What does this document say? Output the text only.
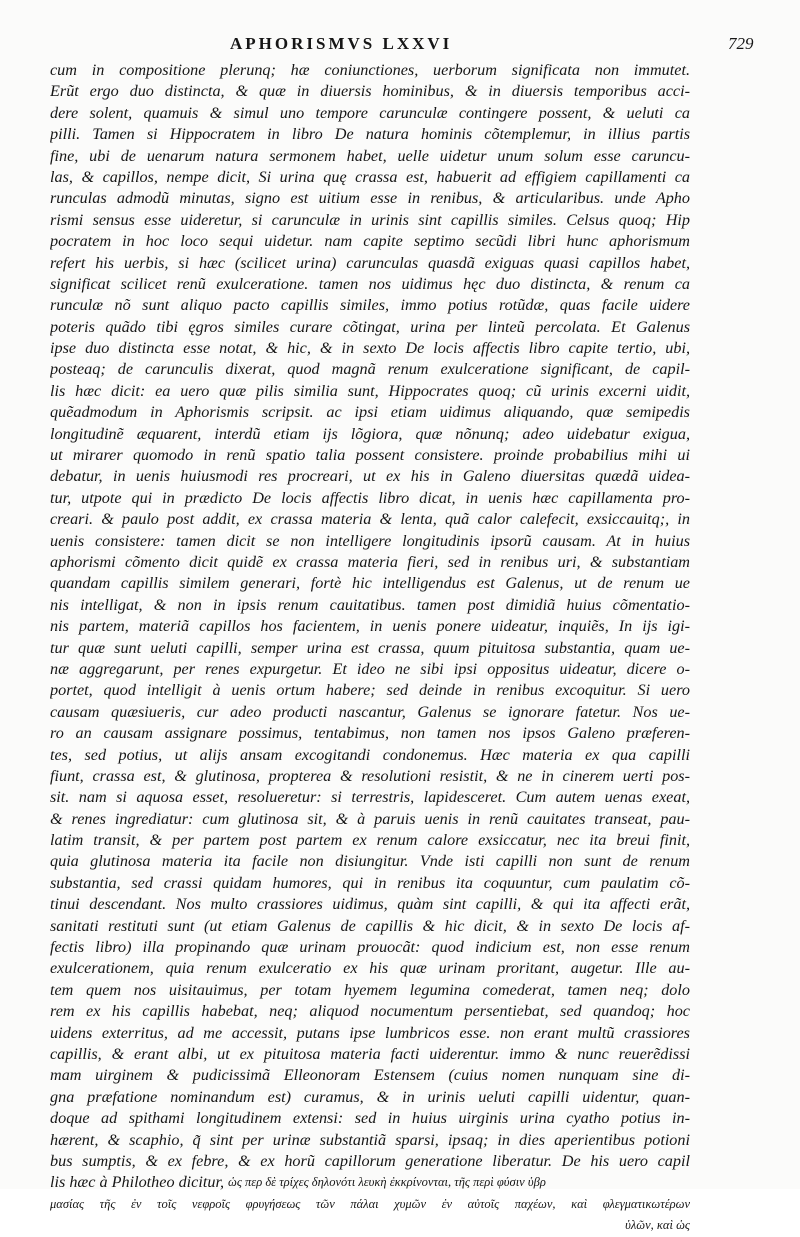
APHORISMVS LXXVI	729
cum in compositione plerunq; hæ coniunctiones, uerborum significata non immutet.
Erũt ergo duo distincta, & quæ in diuersis hominibus, & in diuersis temporibus acci-
dere solent, quamuis & simul uno tempore carunculæ contingere possent, & ueluti ca
pilli. Tamen si Hippocratem in libro De natura hominis cõtemplemur, in illius partis
fine, ubi de uenarum natura sermonem habet, uelle uidetur unum solum esse caruncu-
las, & capillos, nempe dicit, Si urina quę crassa est, habuerit ad effigiem capillamenti ca
runculas admodũ minutas, signo est uitium esse in renibus, & articularibus. unde Apho
rismi sensus esse uideretur, si carunculæ in urinis sint capillis similes. Celsus quoq; Hip
pocratem in hoc loco sequi uidetur. nam capite septimo secũdi libri hunc aphorismum
refert his uerbis, si hæc (scilicet urina) carunculas quasdã exiguas quasi capillos habet,
significat scilicet renũ exulceratione. tamen nos uidimus hęc duo distincta, & renum ca
runculæ nõ sunt aliquo pacto capillis similes, immo potius rotũdæ, quas facile uidere
poteris quãdo tibi ęgros similes curare cõtingat, urina per linteũ percolata. Et Galenus
ipse duo distincta esse notat, & hic, & in sexto De locis affectis libro capite tertio, ubi,
posteaq; de carunculis dixerat, quod magnã renum exulceratione significant, de capil-
lis hæc dicit: ea uero quæ pilis similia sunt, Hippocrates quoq; cũ urinis excerni uidit,
quẽadmodum in Aphorismis scripsit. ac ipsi etiam uidimus aliquando, quæ semipedis
longitudinẽ æquarent, interdũ etiam ijs lõgiora, quæ nõnunq; adeo uidebatur exigua,
ut mirarer quomodo in renũ spatio talia possent consistere. proinde probabilius mihi ui
debatur, in uenis huiusmodi res procreari, ut ex his in Galeno diuersitas quædã uidea-
tur, utpote qui in prædicto De locis affectis libro dicat, in uenis hæc capillamenta pro-
creari. & paulo post addit, ex crassa materia & lenta, quã calor calefecit, exsiccauitq;, in
uenis consistere: tamen dicit se non intelligere longitudinis ipsorũ causam. At in huius
aphorismi cõmento dicit quidẽ ex crassa materia fieri, sed in renibus uri, & substantiam
quandam capillis similem generari, fortè hic intelligendus est Galenus, ut de renum ue
nis intelligat, & non in ipsis renum cauitatibus. tamen post dimidiã huius cõmentatio-
nis partem, materiã capillos hos facientem, in uenis ponere uideatur, inquiẽs, In ijs igi-
tur quæ sunt ueluti capilli, semper urina est crassa, quum pituitosa substantia, quam ue-
næ aggregarunt, per renes expurgetur. Et ideo ne sibi ipsi oppositus uideatur, dicere o-
portet, quod intelligit à uenis ortum habere; sed deinde in renibus excoquitur. Si uero
causam quæsiueris, cur adeo producti nascantur, Galenus se ignorare fatetur. Nos ue-
ro an causam assignare possimus, tentabimus, non tamen nos ipsos Galeno præferen-
tes, sed potius, ut alijs ansam excogitandi condonemus. Hæc materia ex qua capilli
fiunt, crassa est, & glutinosa, propterea & resolutioni resistit, & ne in cinerem uerti pos-
sit. nam si aquosa esset, resolueretur: si terrestris, lapidesceret. Cum autem uenas exeat,
& renes ingrediatur: cum glutinosa sit, & à paruis uenis in renũ cauitates transeat, pau-
latim transit, & per partem post partem ex renum calore exsiccatur, nec ita breui finit,
quia glutinosa materia ita facile non disiungitur. Vnde isti capilli non sunt de renum
substantia, sed crassi quidam humores, qui in renibus ita coquuntur, cum paulatim cõ-
tinui descendant. Nos multo crassiores uidimus, quàm sint capilli, & qui ita affecti erãt,
sanitati restituti sunt (ut etiam Galenus de capillis & hic dicit, & in sexto De locis af-
fectis libro) illa propinando quæ urinam prouocãt: quod indicium est, non esse renum
exulcerationem, quia renum exulceratio ex his quæ urinam proritant, augetur. Ille au-
tem quem nos uisitauimus, per totam hyemem legumina comederat, tamen neq; dolo
rem ex his capillis habebat, neq; aliquod nocumentum persentiebat, sed quandoq; hoc
uidens exterritus, ad me accessit, putans ipse lumbricos esse. non erant multũ crassiores
capillis, & erant albi, ut ex pituitosa materia facti uiderentur. immo & nunc reuerẽdissi
mam uirginem & pudicissimã Elleonoram Estensem (cuius nomen nunquam sine di-
gna præfatione nominandum est) curamus, & in urinis ueluti capilli uidentur, quan-
doque ad spithami longitudinem extensi: sed in huius uirginis urina cyatho potius in-
hærent, & scaphio, q̃ sint per urinæ substantiã sparsi, ipsaq; in dies aperientibus potioni
bus sumptis, & ex febre, & ex horũ capillorum generatione liberatur. De his uero capil
lis hæc à Philotheo dicitur, ὡς περ δὲ τρίχες δηλονότι λευκὴ ἐκκρίνονται, τῆς περὶ φύσιν ὑβρ
μασίας τῆς ἐν τοῖς νεφροῖς φρυγήσεως τῶν πάλαι χυμῶν ἐν αὐτοῖς παχέων, καὶ φλεγματικωτέρων
ὑλῶν, καὶ ὡς
